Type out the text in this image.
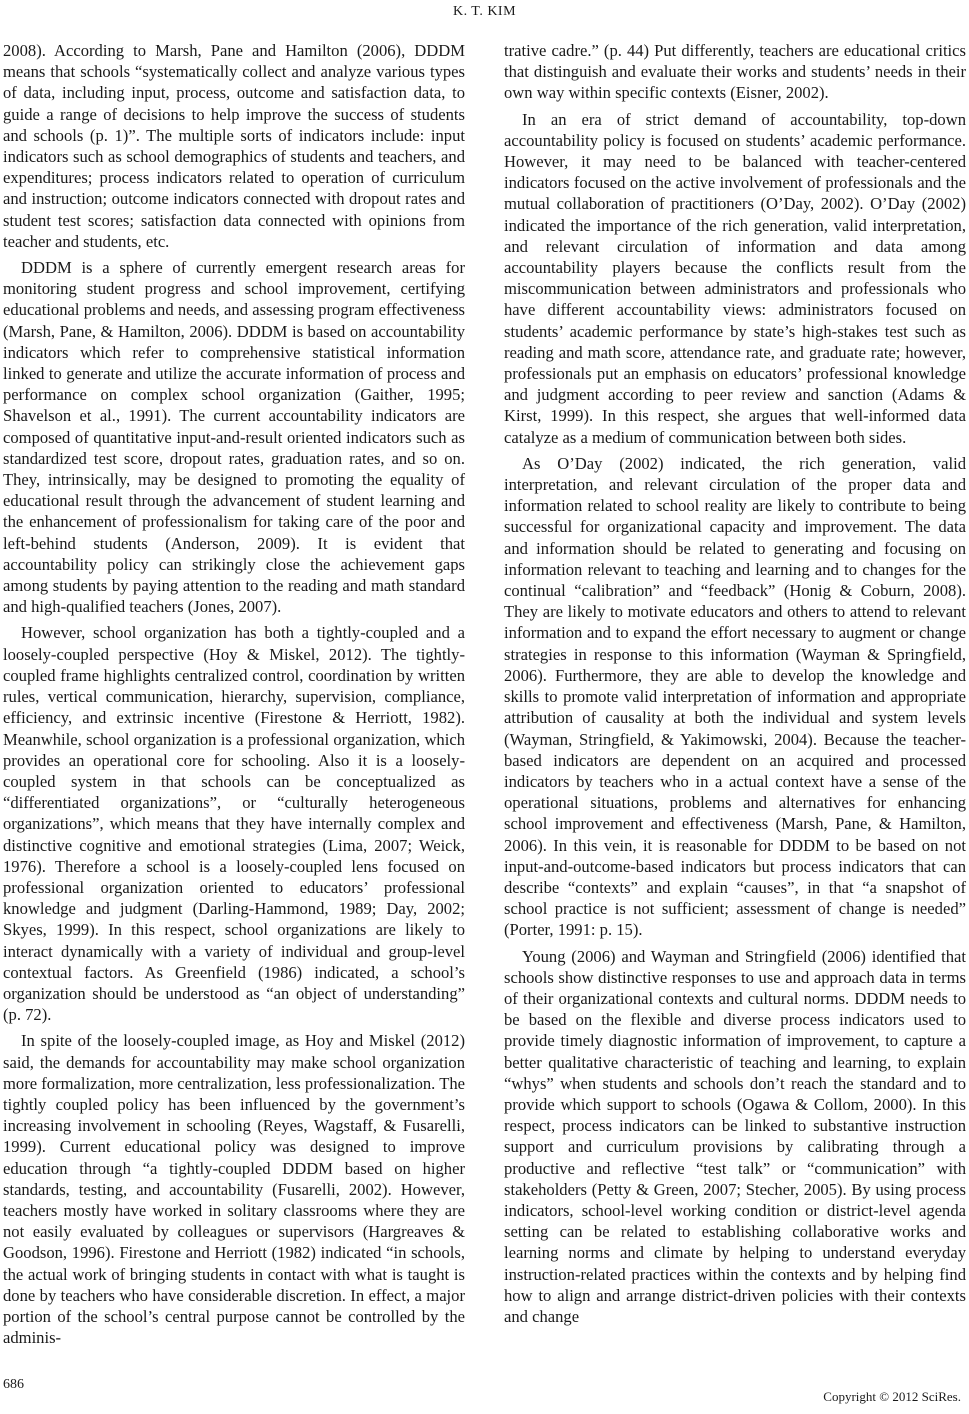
K. T. KIM

2008). According to Marsh, Pane and Hamilton (2006), DDDM means that schools “systematically collect and analyze various types of data, including input, process, outcome and satisfaction data, to guide a range of decisions to help improve the success of students and schools (p. 1)”. The multiple sorts of indicators include: input indicators such as school demographics of students and teachers, and expenditures; process indicators related to operation of curriculum and instruction; outcome indicators connected with dropout rates and student test scores; satisfaction data connected with opinions from teacher and students, etc.

DDDM is a sphere of currently emergent research areas for monitoring student progress and school improvement, certifying educational problems and needs, and assessing program effectiveness (Marsh, Pane, & Hamilton, 2006). DDDM is based on accountability indicators which refer to comprehensive statistical information linked to generate and utilize the accurate information of process and performance on complex school organization (Gaither, 1995; Shavelson et al., 1991). The current accountability indicators are composed of quantitative input-and-result oriented indicators such as standardized test score, dropout rates, graduation rates, and so on. They, intrinsically, may be designed to promoting the equality of educational result through the advancement of student learning and the enhancement of professionalism for taking care of the poor and left-behind students (Anderson, 2009). It is evident that accountability policy can strikingly close the achievement gaps among students by paying attention to the reading and math standard and high-qualified teachers (Jones, 2007).

However, school organization has both a tightly-coupled and a loosely-coupled perspective (Hoy & Miskel, 2012). The tightly-coupled frame highlights centralized control, coordination by written rules, vertical communication, hierarchy, supervision, compliance, efficiency, and extrinsic incentive (Firestone & Herriott, 1982). Meanwhile, school organization is a professional organization, which provides an operational core for schooling. Also it is a loosely-coupled system in that schools can be conceptualized as “differentiated organizations”, or “culturally heterogeneous organizations”, which means that they have internally complex and distinctive cognitive and emotional strategies (Lima, 2007; Weick, 1976). Therefore a school is a loosely-coupled lens focused on professional organization oriented to educators’ professional knowledge and judgment (Darling-Hammond, 1989; Day, 2002; Skyes, 1999). In this respect, school organizations are likely to interact dynamically with a variety of individual and group-level contextual factors. As Greenfield (1986) indicated, a school’s organization should be understood as “an object of understanding” (p. 72).

In spite of the loosely-coupled image, as Hoy and Miskel (2012) said, the demands for accountability may make school organization more formalization, more centralization, less professionalization. The tightly coupled policy has been influenced by the government’s increasing involvement in schooling (Reyes, Wagstaff, & Fusarelli, 1999). Current educational policy was designed to improve education through “a tightly-coupled DDDM based on higher standards, testing, and accountability (Fusarelli, 2002). However, teachers mostly have worked in solitary classrooms where they are not easily evaluated by colleagues or supervisors (Hargreaves & Goodson, 1996). Firestone and Herriott (1982) indicated “in schools, the actual work of bringing students in contact with what is taught is done by teachers who have considerable discretion. In effect, a major portion of the school’s central purpose cannot be controlled by the adminis-

trative cadre.” (p. 44) Put differently, teachers are educational critics that distinguish and evaluate their works and students’ needs in their own way within specific contexts (Eisner, 2002).

In an era of strict demand of accountability, top-down accountability policy is focused on students’ academic performance. However, it may need to be balanced with teacher-centered indicators focused on the active involvement of professionals and the mutual collaboration of practitioners (O’Day, 2002). O’Day (2002) indicated the importance of the rich generation, valid interpretation, and relevant circulation of information and data among accountability players because the conflicts result from the miscommunication between administrators and professionals who have different accountability views: administrators focused on students’ academic performance by state’s high-stakes test such as reading and math score, attendance rate, and graduate rate; however, professionals put an emphasis on educators’ professional knowledge and judgment according to peer review and sanction (Adams & Kirst, 1999). In this respect, she argues that well-informed data catalyze as a medium of communication between both sides.

As O’Day (2002) indicated, the rich generation, valid interpretation, and relevant circulation of the proper data and information related to school reality are likely to contribute to being successful for organizational capacity and improvement. The data and information should be related to generating and focusing on information relevant to teaching and learning and to changes for the continual “calibration” and “feedback” (Honig & Coburn, 2008). They are likely to motivate educators and others to attend to relevant information and to expand the effort necessary to augment or change strategies in response to this information (Wayman & Springfield, 2006). Furthermore, they are able to develop the knowledge and skills to promote valid interpretation of information and appropriate attribution of causality at both the individual and system levels (Wayman, Stringfield, & Yakimowski, 2004). Because the teacher-based indicators are dependent on an acquired and processed indicators by teachers who in a actual context have a sense of the operational situations, problems and alternatives for enhancing school improvement and effectiveness (Marsh, Pane, & Hamilton, 2006). In this vein, it is reasonable for DDDM to be based on not input-and-outcome-based indicators but process indicators that can describe “contexts” and explain “causes”, in that “a snapshot of school practice is not sufficient; assessment of change is needed” (Porter, 1991: p. 15).

Young (2006) and Wayman and Stringfield (2006) identified that schools show distinctive responses to use and approach data in terms of their organizational contexts and cultural norms. DDDM needs to be based on the flexible and diverse process indicators used to provide timely diagnostic information of improvement, to capture a better qualitative characteristic of teaching and learning, to explain “whys” when students and schools don’t reach the standard and to provide which support to schools (Ogawa & Collom, 2000). In this respect, process indicators can be linked to substantive instruction support and curriculum provisions by calibrating through a productive and reflective “test talk” or “communication” with stakeholders (Petty & Green, 2007; Stecher, 2005). By using process indicators, school-level working condition or district-level agenda setting can be related to establishing collaborative works and learning norms and climate by helping to understand everyday instruction-related practices within the contexts and by helping find how to align and arrange district-driven policies with their contexts and change

686
Copyright © 2012 SciRes.
